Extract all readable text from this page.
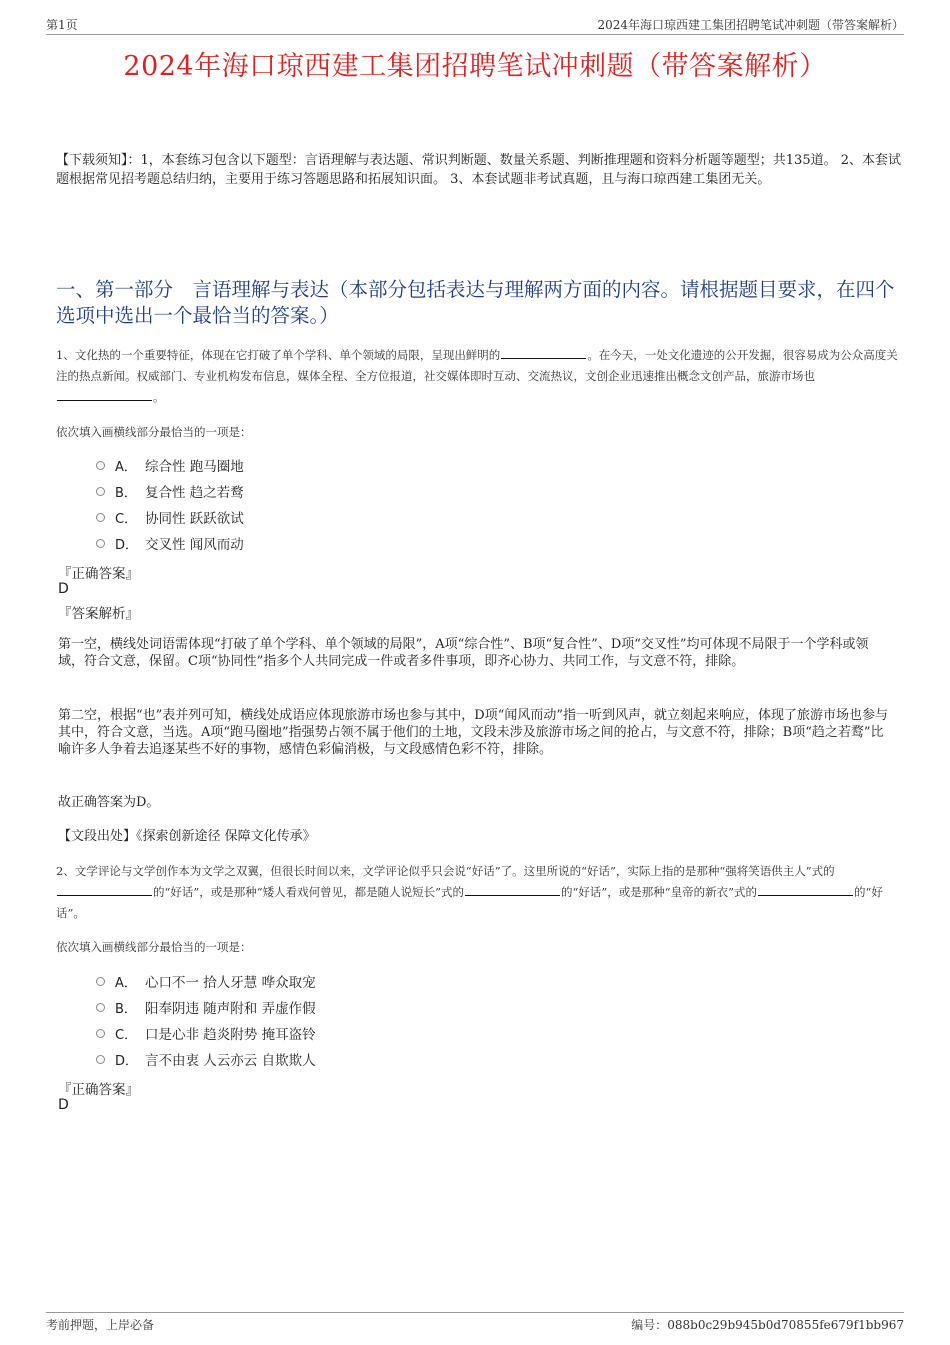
第1页	2024年海口琼西建工集团招聘笔试冲刺题（带答案解析）
2024年海口琼西建工集团招聘笔试冲刺题（带答案解析）
【下载须知】：1，本套练习包含以下题型：言语理解与表达题、常识判断题、数量关系题、判断推理题和资料分析题等题型；共135道。 2、本套试题根据常见招考题总结归纳，主要用于练习答题思路和拓展知识面。 3、本套试题非考试真题，且与海口琼西建工集团无关。
一、第一部分　言语理解与表达（本部分包括表达与理解两方面的内容。请根据题目要求，在四个选项中选出一个最恰当的答案。）
1、文化热的一个重要特征，体现在它打破了单个学科、单个领域的局限，呈现出鲜明的	。在今天，一处文化遗迹的公开发掘，很容易成为公众高度关注的热点新闻。权威部门、专业机构发布信息，媒体全程、全方位报道，社交媒体即时互动、交流热议，文创企业迅速推出概念文创产品，旅游市场也。
依次填入画横线部分最恰当的一项是：
A． 综合性 跑马圈地
B． 复合性 趋之若鹜
C． 协同性 跃跃欲试
D． 交叉性 闻风而动
『正确答案』
D
『答案解析』
第一空，横线处词语需体现“打破了单个学科、单个领域的局限”，A项“综合性”、B项“复合性”、D项“交叉性”均可体现不局限于一个学科或领域，符合文意，保留。C项“协同性”指多个人共同完成一件或者多件事项，即齐心协力、共同工作，与文意不符，排除。
第二空，根据“也”表并列可知，横线处成语应体现旅游市场也参与其中，D项“闻风而动”指一听到风声，就立刻起来响应，体现了旅游市场也参与其中，符合文意，当选。A项“跑马圈地”指强势占领不属于他们的土地，文段未涉及旅游市场之间的抢占，与文意不符，排除；B项“趋之若鹜”比喻许多人争着去追逐某些不好的事物，感情色彩偏消极，与文段感情色彩不符，排除。
故正确答案为D。
【文段出处】《探索创新途径 保障文化传承》
2、文学评论与文学创作本为文学之双翼，但很长时间以来，文学评论似乎只会说“好话”了。这里所说的“好话”，实际上指的是那种“强将笑语供主人”式的的“好话”，或是那种“矮人看戏何曾见，都是随人说短长”式的	的“好话”，或是那种“皇帝的新衣”式的	的“好话”。
依次填入画横线部分最恰当的一项是：
A． 心口不一 拾人牙慧 哗众取宠
B． 阳奉阴违 随声附和 弄虚作假
C． 口是心非 趋炎附势 掩耳盗铃
D． 言不由衷 人云亦云 自欺欺人
『正确答案』
D
考前押题，上岸必备	编号：088b0c29b945b0d70855fe679f1bb967
